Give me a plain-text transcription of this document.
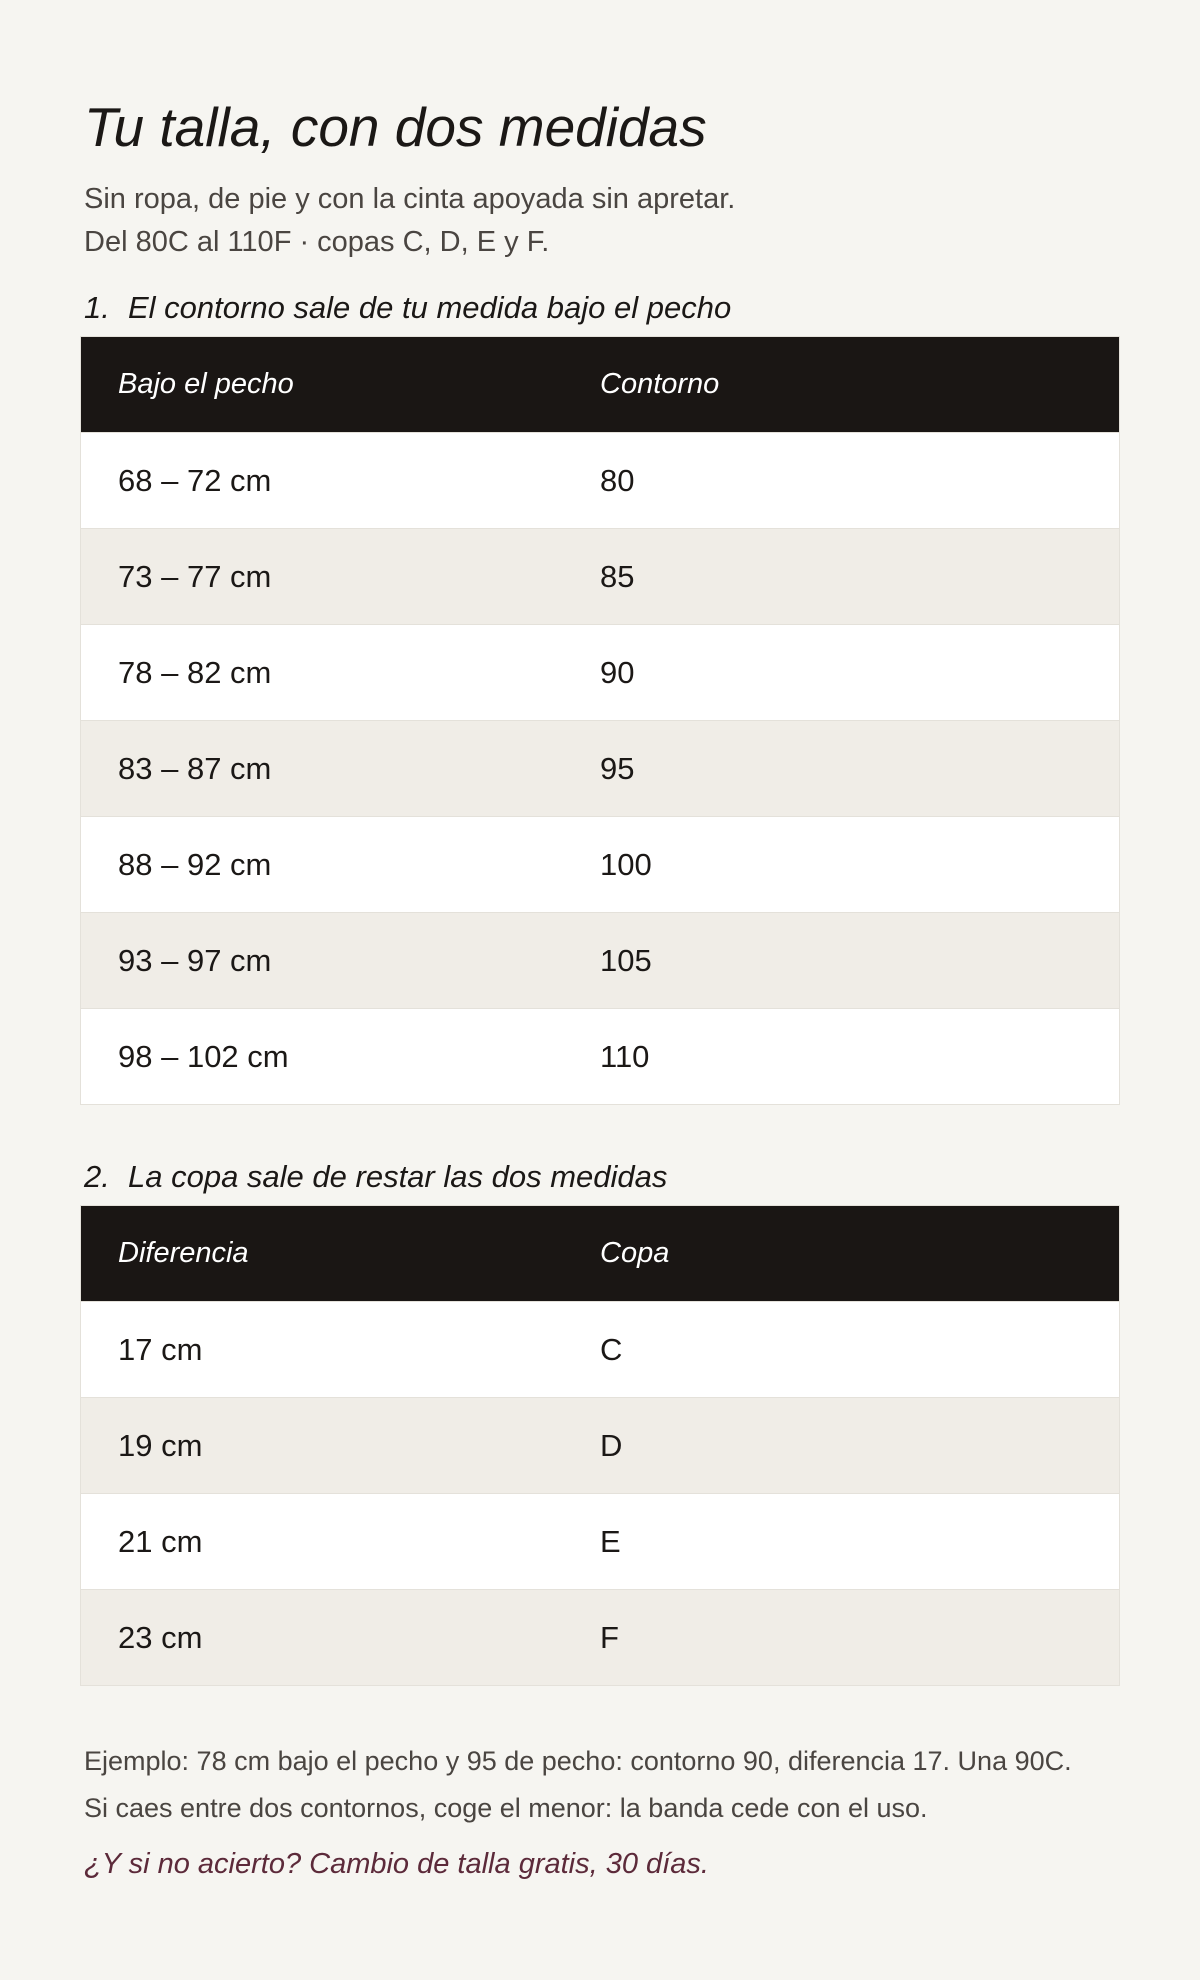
Tu talla, con dos medidas
Sin ropa, de pie y con la cinta apoyada sin apretar.
Del 80C al 110F · copas C, D, E y F.
1. El contorno sale de tu medida bajo el pecho
Bajo el pecho	Contorno
68 – 72 cm	80
73 – 77 cm	85
78 – 82 cm	90
83 – 87 cm	95
88 – 92 cm	100
93 – 97 cm	105
98 – 102 cm	110
2. La copa sale de restar las dos medidas
Diferencia	Copa
17 cm	C
19 cm	D
21 cm	E
23 cm	F
Ejemplo: 78 cm bajo el pecho y 95 de pecho: contorno 90, diferencia 17. Una 90C.
Si caes entre dos contornos, coge el menor: la banda cede con el uso.
¿Y si no acierto? Cambio de talla gratis, 30 días.
